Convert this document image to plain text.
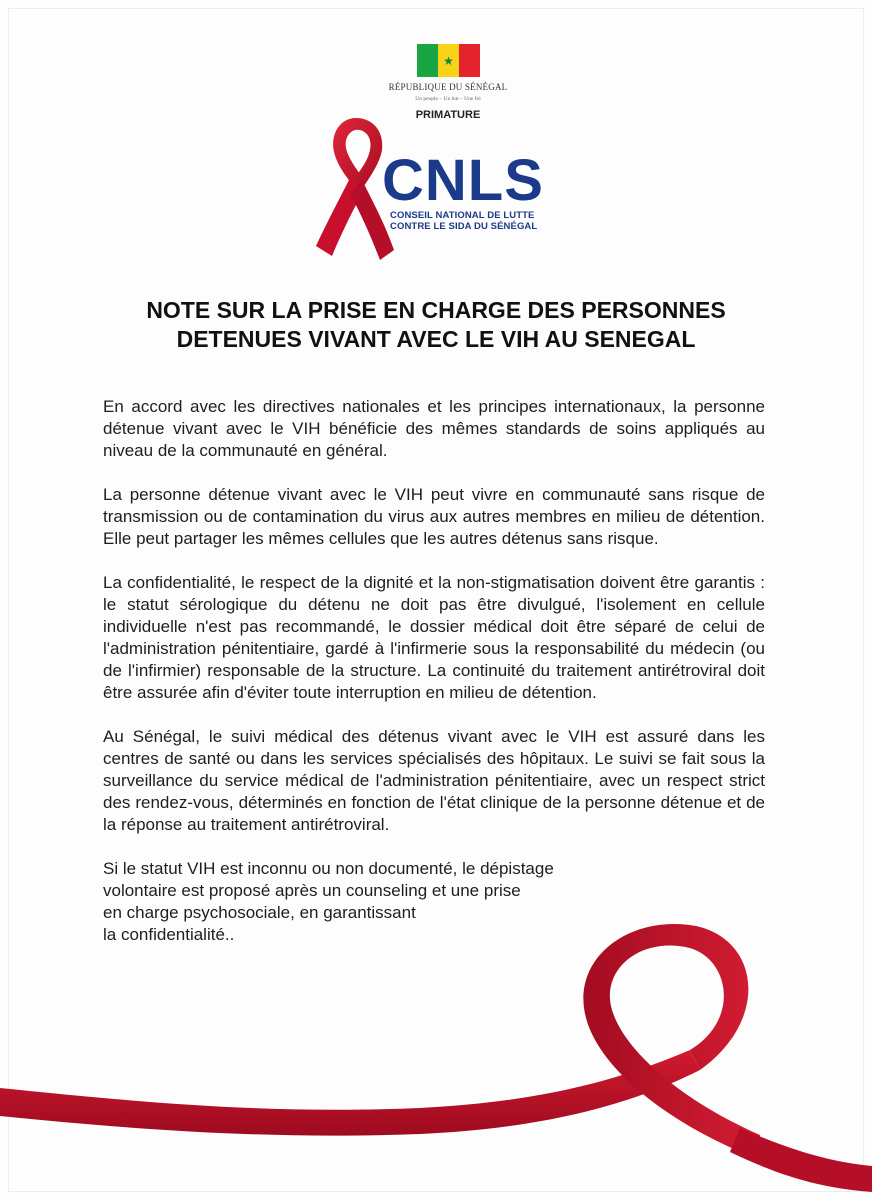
★
RÉPUBLIQUE DU SÉNÉGAL
Un peuple – Un but – Une foi
PRIMATURE
CNLS
CONSEIL NATIONAL DE LUTTE
CONTRE LE SIDA DU SÉNÉGAL
NOTE SUR LA PRISE EN CHARGE DES PERSONNES
DETENUES VIVANT AVEC LE VIH AU SENEGAL

En accord avec les directives nationales et les principes internationaux, la personne détenue vivant avec le VIH bénéficie des mêmes standards de soins appliqués au niveau de la communauté en général.

La personne détenue vivant avec le VIH peut vivre en communauté sans risque de transmission ou de contamination du virus aux autres membres en milieu de détention. Elle peut partager les mêmes cellules que les autres détenus sans risque.

La confidentialité, le respect de la dignité et la non-stigmatisation doivent être garantis : le statut sérologique du détenu ne doit pas être divulgué, l'isolement en cellule individuelle n'est pas recommandé, le dossier médical doit être séparé de celui de l'administration pénitentiaire, gardé à l'infirmerie sous la responsabilité du médecin (ou de l'infirmier) responsable de la structure. La continuité du traitement antirétroviral doit être assurée afin d'éviter toute interruption en milieu de détention.

Au Sénégal, le suivi médical des détenus vivant avec le VIH est assuré dans les centres de santé ou dans les services spécialisés des hôpitaux. Le suivi se fait sous la surveillance du service médical de l'administration pénitentiaire, avec un respect strict des rendez-vous, déterminés en fonction de l'état clinique de la personne détenue et de la réponse au traitement antirétroviral.

Si le statut VIH est inconnu ou non documenté, le dépistage
volontaire est proposé après un counseling et une prise
en charge psychosociale, en garantissant
la confidentialité..
